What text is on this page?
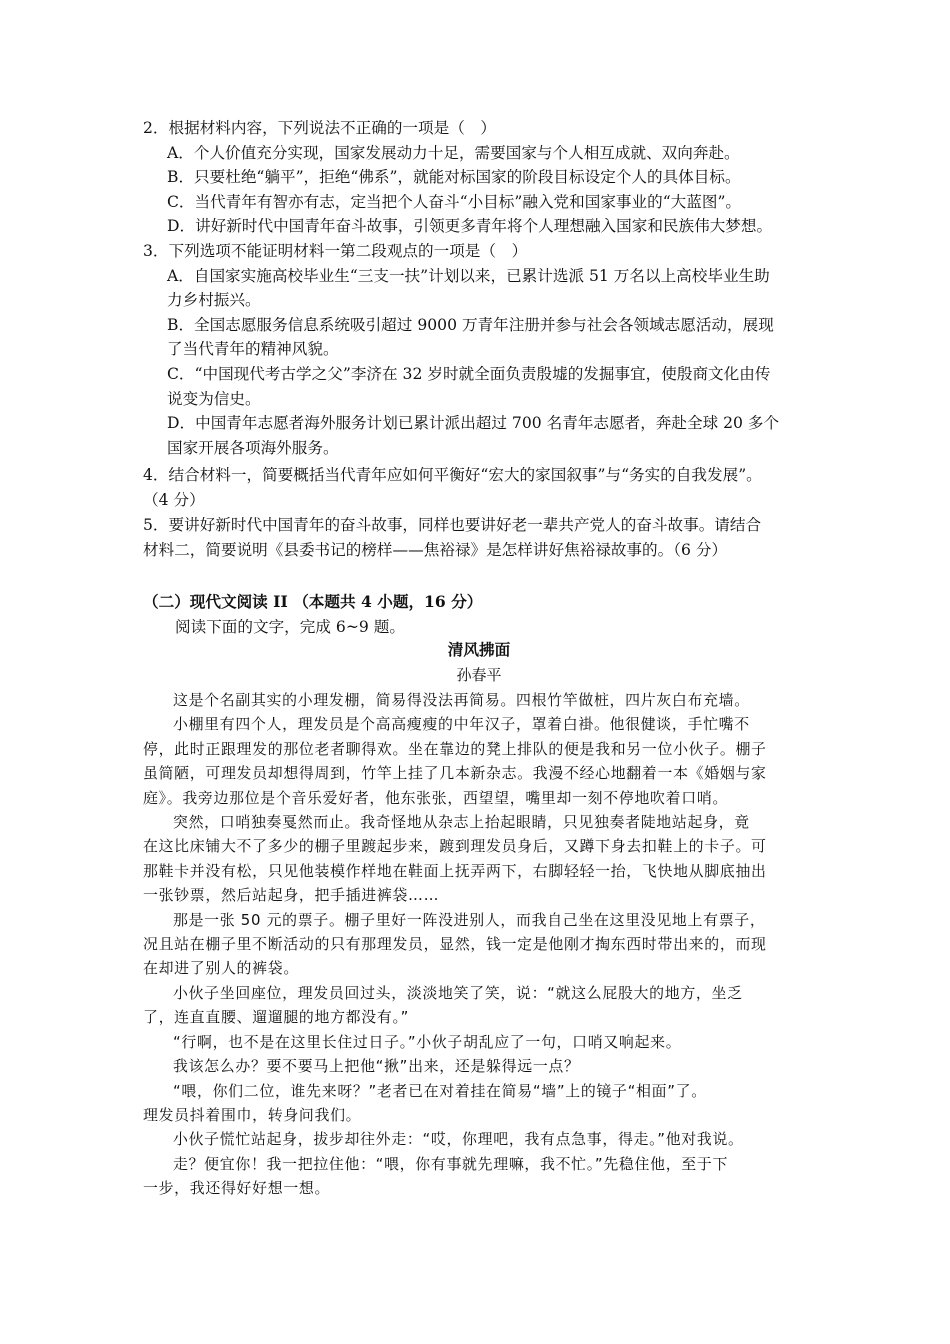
2．根据材料内容，下列说法不正确的一项是（　）
A．个人价值充分实现，国家发展动力十足，需要国家与个人相互成就、双向奔赴。
B．只要杜绝“躺平”，拒绝“佛系”，就能对标国家的阶段目标设定个人的具体目标。
C．当代青年有智亦有志，定当把个人奋斗“小目标”融入党和国家事业的“大蓝图”。
D．讲好新时代中国青年奋斗故事，引领更多青年将个人理想融入国家和民族伟大梦想。
3．下列选项不能证明材料一第二段观点的一项是（　）
A．自国家实施高校毕业生“三支一扶”计划以来，已累计选派 51 万名以上高校毕业生助
力乡村振兴。
B．全国志愿服务信息系统吸引超过 9000 万青年注册并参与社会各领域志愿活动，展现
了当代青年的精神风貌。
C．“中国现代考古学之父”李济在 32 岁时就全面负责殷墟的发掘事宜，使殷商文化由传
说变为信史。
D．中国青年志愿者海外服务计划已累计派出超过 700 名青年志愿者，奔赴全球 20 多个
国家开展各项海外服务。
4．结合材料一，简要概括当代青年应如何平衡好“宏大的家国叙事”与“务实的自我发展”。
（4 分）
5．要讲好新时代中国青年的奋斗故事，同样也要讲好老一辈共产党人的奋斗故事。请结合
材料二，简要说明《县委书记的榜样——焦裕禄》是怎样讲好焦裕禄故事的。（6 分）
（二）现代文阅读 II （本题共 4 小题，16 分）
阅读下面的文字，完成 6~9 题。
清风拂面
孙春平
这是个名副其实的小理发棚，简易得没法再简易。四根竹竿做桩，四片灰白布充墙。
小棚里有四个人，理发员是个高高瘦瘦的中年汉子，罩着白褂。他很健谈，手忙嘴不
停，此时正跟理发的那位老者聊得欢。坐在靠边的凳上排队的便是我和另一位小伙子。棚子
虽简陋，可理发员却想得周到，竹竿上挂了几本新杂志。我漫不经心地翻着一本《婚姻与家
庭》。我旁边那位是个音乐爱好者，他东张张，西望望，嘴里却一刻不停地吹着口哨。
突然，口哨独奏戛然而止。我奇怪地从杂志上抬起眼睛，只见独奏者陡地站起身，竟
在这比床铺大不了多少的棚子里踱起步来，踱到理发员身后，又蹲下身去扣鞋上的卡子。可
那鞋卡并没有松，只见他装模作样地在鞋面上抚弄两下，右脚轻轻一抬，飞快地从脚底抽出
一张钞票，然后站起身，把手插进裤袋……
那是一张 50 元的票子。棚子里好一阵没进别人，而我自己坐在这里没见地上有票子，
况且站在棚子里不断活动的只有那理发员，显然，钱一定是他刚才掏东西时带出来的，而现
在却进了别人的裤袋。
小伙子坐回座位，理发员回过头，淡淡地笑了笑，说：“就这么屁股大的地方，坐乏
了，连直直腰、遛遛腿的地方都没有。”
“行啊，也不是在这里长住过日子。”小伙子胡乱应了一句，口哨又响起来。
我该怎么办？要不要马上把他“揪”出来，还是躲得远一点？
“喂，你们二位，谁先来呀？”老者已在对着挂在简易“墙”上的镜子“相面”了。
理发员抖着围巾，转身问我们。
小伙子慌忙站起身，拔步却往外走：“哎，你理吧，我有点急事，得走。”他对我说。
走？便宜你！我一把拉住他：“喂，你有事就先理嘛，我不忙。”先稳住他，至于下
一步，我还得好好想一想。
